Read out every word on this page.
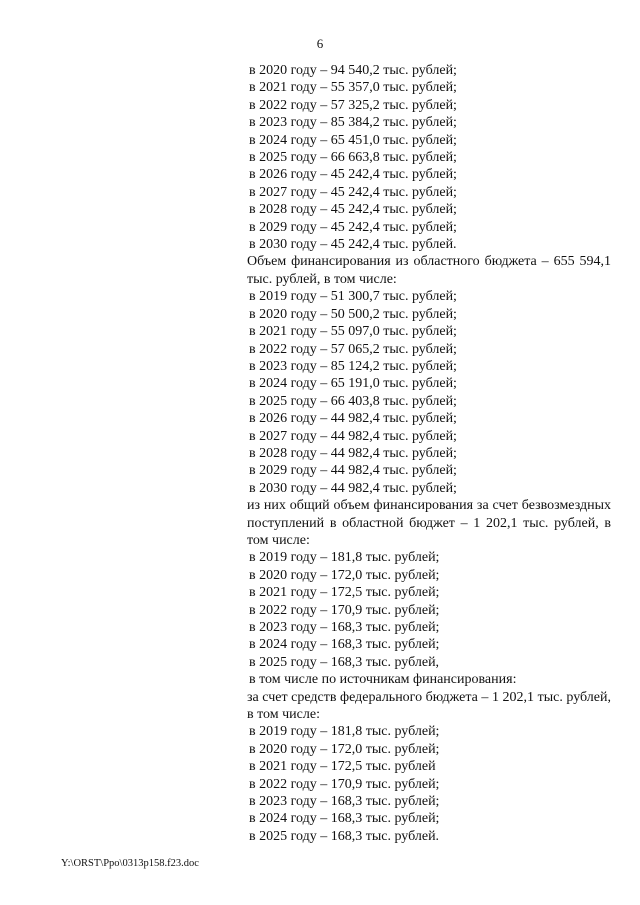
6
в 2020 году – 94 540,2 тыс. рублей;
в 2021 году – 55 357,0 тыс. рублей;
в 2022 году – 57 325,2 тыс. рублей;
в 2023 году – 85 384,2 тыс. рублей;
в 2024 году – 65 451,0 тыс. рублей;
в 2025 году – 66 663,8 тыс. рублей;
в 2026 году – 45 242,4 тыс. рублей;
в 2027 году – 45 242,4 тыс. рублей;
в 2028 году – 45 242,4 тыс. рублей;
в 2029 году – 45 242,4 тыс. рублей;
в 2030 году – 45 242,4 тыс. рублей.
Объем финансирования из областного бюджета – 655 594,1 тыс. рублей, в том числе:
в 2019 году – 51 300,7 тыс. рублей;
в 2020 году – 50 500,2 тыс. рублей;
в 2021 году – 55 097,0 тыс. рублей;
в 2022 году – 57 065,2 тыс. рублей;
в 2023 году – 85 124,2 тыс. рублей;
в 2024 году – 65 191,0 тыс. рублей;
в 2025 году – 66 403,8 тыс. рублей;
в 2026 году – 44 982,4 тыс. рублей;
в 2027 году – 44 982,4 тыс. рублей;
в 2028 году – 44 982,4 тыс. рублей;
в 2029 году – 44 982,4 тыс. рублей;
в 2030 году – 44 982,4 тыс. рублей;
из них общий объем финансирования за счет безвозмездных поступлений в областной бюджет – 1 202,1 тыс. рублей, в том числе:
в 2019 году – 181,8 тыс. рублей;
в 2020 году – 172,0 тыс. рублей;
в 2021 году – 172,5 тыс. рублей;
в 2022 году – 170,9 тыс. рублей;
в 2023 году – 168,3 тыс. рублей;
в 2024 году – 168,3 тыс. рублей;
в 2025 году – 168,3 тыс. рублей,
в том числе по источникам финансирования:
за счет средств федерального бюджета – 1 202,1 тыс. рублей, в том числе:
в 2019 году – 181,8 тыс. рублей;
в 2020 году – 172,0 тыс. рублей;
в 2021 году – 172,5 тыс. рублей
в 2022 году – 170,9 тыс. рублей;
в 2023 году – 168,3 тыс. рублей;
в 2024 году – 168,3 тыс. рублей;
в 2025 году – 168,3 тыс. рублей.
Y:\ORST\Ppo\0313p158.f23.doc
